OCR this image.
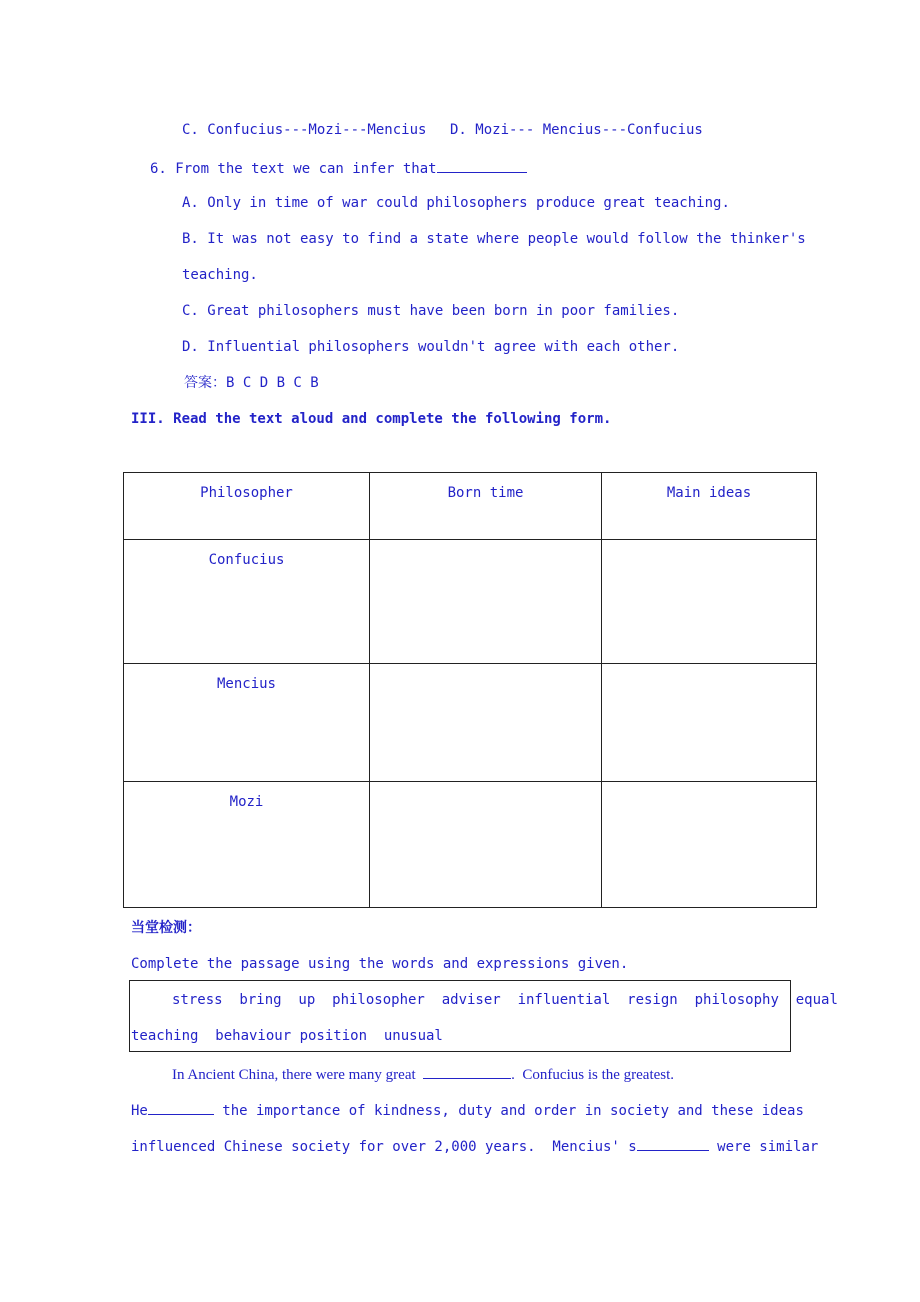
C. Confucius---Mozi---Mencius D. Mozi--- Mencius---Confucius
6. From the text we can infer that
A. Only in time of war could philosophers produce great teaching.
B. It was not easy to find a state where people would follow the thinker's
teaching.
C. Great philosophers must have been born in poor families.
D. Influential philosophers wouldn't agree with each other.
答案：B C D B C B
III. Read the text aloud and complete the following form.
Philosopher	Born time	Main ideas
Confucius		
Mencius		
Mozi		
当堂检测：
Complete the passage using the words and expressions given.
stress  bring  up  philosopher  adviser  influential  resign  philosophy  equal
teaching  behaviour position  unusual
In Ancient China, there were many great	.  Confucius is the greatest.
He	the importance of kindness, duty and order in society and these ideas
influenced Chinese society for over 2,000 years.  Mencius' s	were similar
